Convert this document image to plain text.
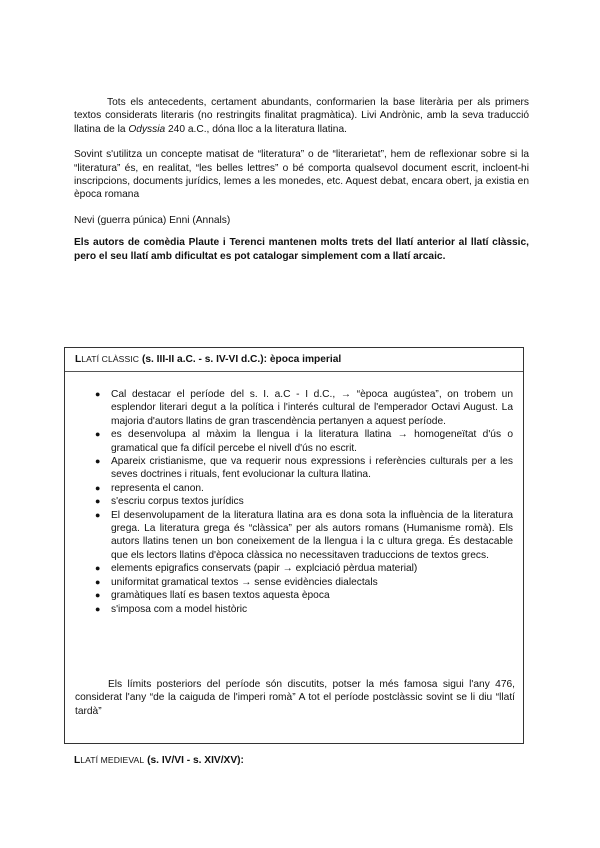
Tots els antecedents, certament abundants, conformarien la base literària per als primers textos considerats literaris (no restringits finalitat pragmàtica). Livi Andrònic, amb la seva traducció llatina de la Odyssia 240 a.C., dóna lloc a la literatura llatina.

Sovint s'utilitza un concepte matisat de “literatura” o de “literarietat”, hem de reflexionar sobre si la “literatura” és, en realitat, “les belles lettres” o bé comporta qualsevol document escrit, incloent-hi inscripcions, documents jurídics, lemes a les monedes, etc. Aquest debat, encara obert, ja existia en època romana

Nevi (guerra púnica) Enni (Annals)

Els autors de comèdia Plaute i Terenci mantenen molts trets del llatí anterior al llatí clàssic, pero el seu llatí amb dificultat es pot catalogar simplement com a llatí arcaic.

LLATÍ CLÀSSIC (s. III-II a.C. - s. IV-VI d.C.): època imperial
● Cal destacar el període del s. I. a.C - I d.C., → “època augústea”, on trobem un esplendor literari degut a la política i l'interés cultural de l'emperador Octavi August. La majoria d'autors llatins de gran trascendència pertanyen a aquest període.
● es desenvolupa al màxim la llengua i la literatura llatina → homogeneïtat d'ús o gramatical que fa difícil percebe el nivell d'ús no escrit.
● Apareix cristianisme, que va requerir nous expressions i referències culturals per a les seves doctrines i rituals, fent evolucionar la cultura llatina.
● representa el canon.
● s'escriu corpus textos jurídics
● El desenvolupament de la literatura llatina ara es dona sota la influència de la literatura grega. La literatura grega és “clàssica” per als autors romans (Humanisme romà). Els autors llatins tenen un bon coneixement de la llengua i la c ultura grega. És destacable que els lectors llatins d'època clàssica no necessitaven traduccions de textos grecs.
● elements epigrafics conservats (papir → explciació pèrdua material)
● uniformitat gramatical textos → sense evidències dialectals
● gramàtiques llatí es basen textos aquesta època
● s'imposa com a model històric

Els límits posteriors del període són discutits, potser la més famosa sigui l'any 476, considerat l'any “de la caiguda de l'imperi romà” A tot el període postclàssic sovint se li diu “llatí tardà”

LLATÍ MEDIEVAL (s. IV/VI - s. XIV/XV):
